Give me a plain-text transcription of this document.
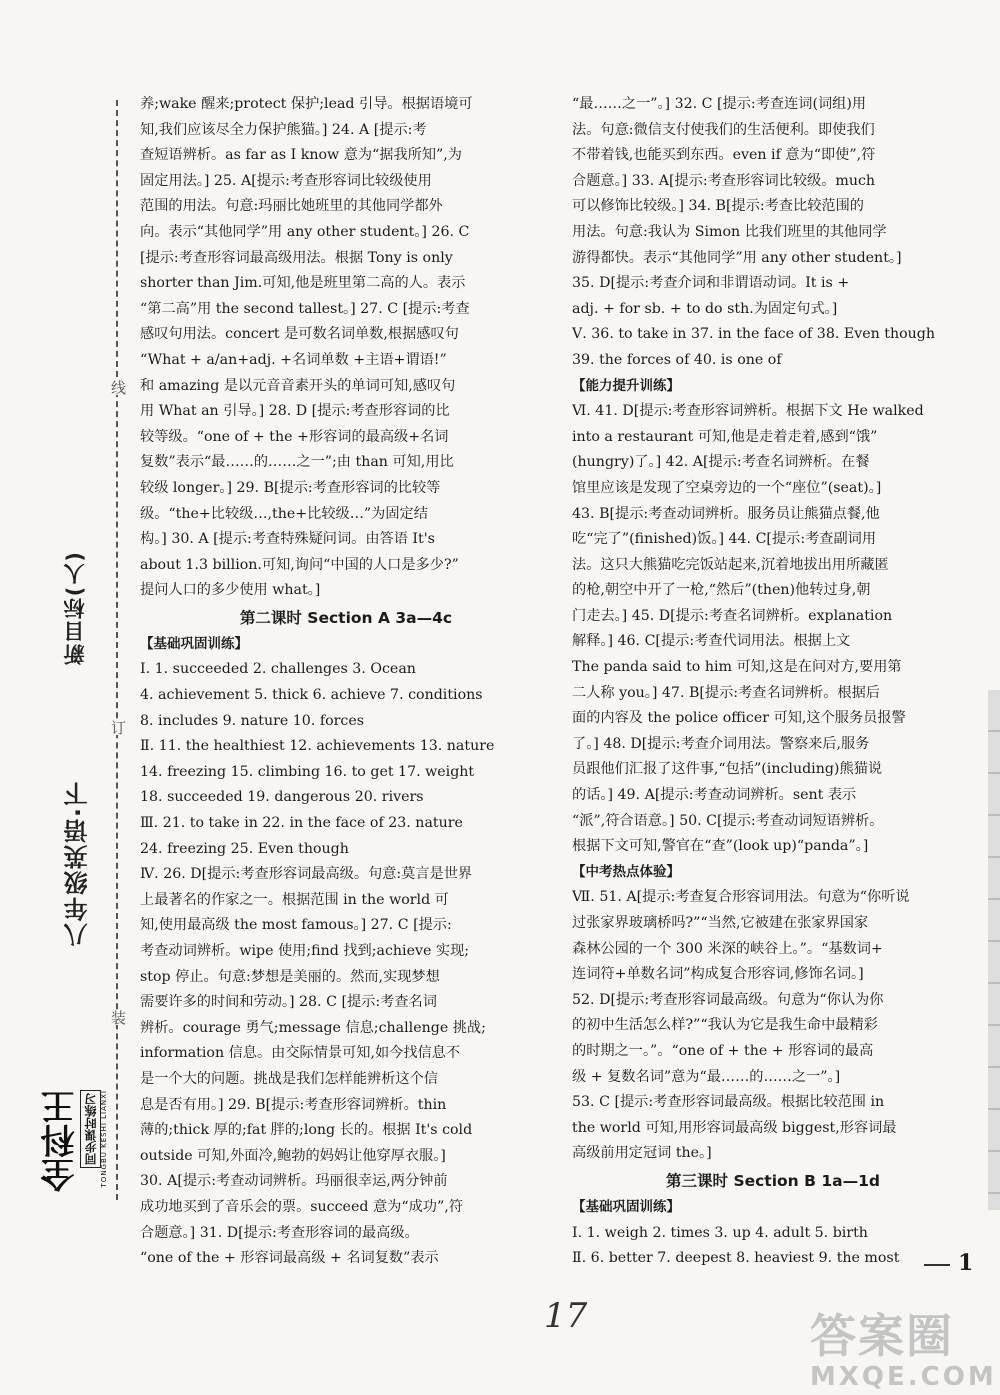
线
订
装
八年级英语·下
新目标(人)
全科王 同步课时练习 TONGBU KESHI LIANXI
养;wake 醒来;protect 保护;lead 引导。根据语境可
知,我们应该尽全力保护熊猫。] 24. A [提示:考
查短语辨析。as far as I know 意为“据我所知”,为
固定用法。] 25. A[提示:考查形容词比较级使用
范围的用法。句意:玛丽比她班里的其他同学都外
向。表示“其他同学”用 any other student。] 26. C
[提示:考查形容词最高级用法。根据 Tony is only
shorter than Jim.可知,他是班里第二高的人。表示
“第二高”用 the second tallest。] 27. C [提示:考查
感叹句用法。concert 是可数名词单数,根据感叹句
“What + a/an+adj. +名词单数 +主语+谓语!”
和 amazing 是以元音音素开头的单词可知,感叹句
用 What an 引导。] 28. D [提示:考查形容词的比
较等级。“one of + the +形容词的最高级+名词
复数”表示“最……的……之一”;由 than 可知,用比
较级 longer。] 29. B[提示:考查形容词的比较等
级。“the+比较级…,the+比较级…”为固定结
构。] 30. A [提示:考查特殊疑问词。由答语 It's
about 1.3 billion.可知,询问“中国的人口是多少?”
提问人口的多少使用 what。]
第二课时 Section A 3a—4c
【基础巩固训练】
Ⅰ. 1. succeeded 2. challenges 3. Ocean
4. achievement 5. thick 6. achieve 7. conditions
8. includes 9. nature 10. forces
Ⅱ. 11. the healthiest 12. achievements 13. nature
14. freezing 15. climbing 16. to get 17. weight
18. succeeded 19. dangerous 20. rivers
Ⅲ. 21. to take in 22. in the face of 23. nature
24. freezing 25. Even though
Ⅳ. 26. D[提示:考查形容词最高级。句意:莫言是世界
上最著名的作家之一。根据范围 in the world 可
知,使用最高级 the most famous。] 27. C [提示:
考查动词辨析。wipe 使用;find 找到;achieve 实现;
stop 停止。句意:梦想是美丽的。然而,实现梦想
需要许多的时间和劳动。] 28. C [提示:考查名词
辨析。courage 勇气;message 信息;challenge 挑战;
information 信息。由交际情景可知,如今找信息不
是一个大的问题。挑战是我们怎样能辨析这个信
息是否有用。] 29. B[提示:考查形容词辨析。thin
薄的;thick 厚的;fat 胖的;long 长的。根据 It's cold
outside 可知,外面冷,鲍勃的妈妈让他穿厚衣服。]
30. A[提示:考查动词辨析。玛丽很幸运,两分钟前
成功地买到了音乐会的票。succeed 意为“成功”,符
合题意。] 31. D[提示:考查形容词的最高级。
“one of the + 形容词最高级 + 名词复数”表示
“最……之一”。] 32. C [提示:考查连词(词组)用
法。句意:微信支付使我们的生活便利。即使我们
不带着钱,也能买到东西。even if 意为“即使”,符
合题意。] 33. A[提示:考查形容词比较级。much
可以修饰比较级。] 34. B[提示:考查比较范围的
用法。句意:我认为 Simon 比我们班里的其他同学
游得都快。表示“其他同学”用 any other student。]
35. D[提示:考查介词和非谓语动词。It is +
adj. + for sb. + to do sth.为固定句式。]
Ⅴ. 36. to take in 37. in the face of 38. Even though
39. the forces of 40. is one of
【能力提升训练】
Ⅵ. 41. D[提示:考查形容词辨析。根据下文 He walked
into a restaurant 可知,他是走着走着,感到“饿”
(hungry)了。] 42. A[提示:考查名词辨析。在餐
馆里应该是发现了空桌旁边的一个“座位”(seat)。]
43. B[提示:考查动词辨析。服务员让熊猫点餐,他
吃“完了”(finished)饭。] 44. C[提示:考查副词用
法。这只大熊猫吃完饭站起来,沉着地拔出用所藏匿
的枪,朝空中开了一枪,“然后”(then)他转过身,朝
门走去。] 45. D[提示:考查名词辨析。explanation
解释。] 46. C[提示:考查代词用法。根据上文
The panda said to him 可知,这是在问对方,要用第
二人称 you。] 47. B[提示:考查名词辨析。根据后
面的内容及 the police officer 可知,这个服务员报警
了。] 48. D[提示:考查介词用法。警察来后,服务
员跟他们汇报了这件事,“包括”(including)熊猫说
的话。] 49. A[提示:考查动词辨析。sent 表示
“派”,符合语意。] 50. C[提示:考查动词短语辨析。
根据下文可知,警官在“查”(look up)“panda”。]
【中考热点体验】
Ⅶ. 51. A[提示:考查复合形容词用法。句意为“你听说
过张家界玻璃桥吗?”“当然,它被建在张家界国家
森林公园的一个 300 米深的峡谷上。”。“基数词+
连词符+单数名词”构成复合形容词,修饰名词。]
52. D[提示:考查形容词最高级。句意为“你认为你
的初中生活怎么样?”“我认为它是我生命中最精彩
的时期之一。”。“one of + the + 形容词的最高
级 + 复数名词”意为“最……的……之一”。]
53. C [提示:考查形容词最高级。根据比较范围 in
the world 可知,用形容词最高级 biggest,形容词最
高级前用定冠词 the。]
第三课时 Section B 1a—1d
【基础巩固训练】
Ⅰ. 1. weigh 2. times 3. up 4. adult 5. birth
Ⅱ. 6. better 7. deepest 8. heaviest 9. the most	1
17	答案圈
MXQE.COM
